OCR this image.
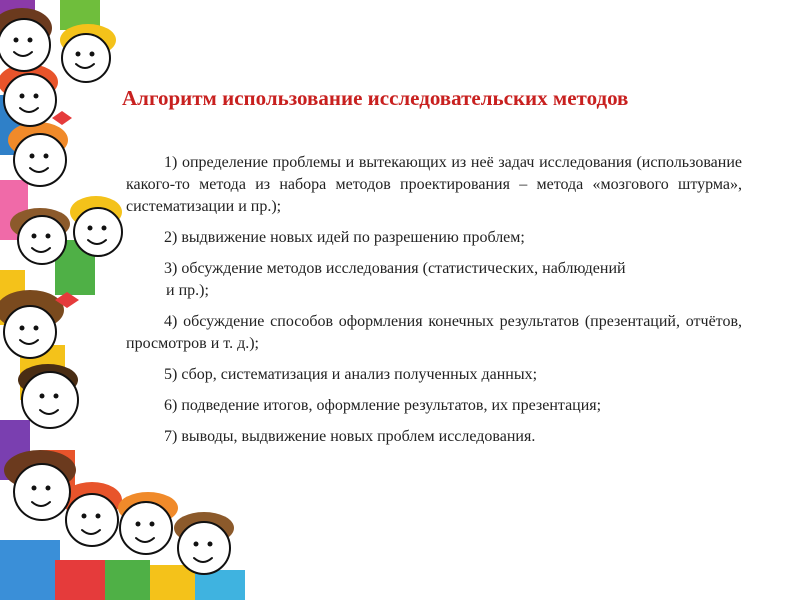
Алгоритм использование исследовательских методов

1) определение проблемы и вытекающих из неё задач исследования (использование какого-то метода из набора методов проектирования – метода «мозгового штурма», систематизации и пр.);

2) выдвижение новых идей по разрешению проблем;

3) обсуждение методов исследования (статистических, наблюдений
и пр.);

4) обсуждение способов оформления конечных результатов (презентаций, отчётов, просмотров и т. д.);

5) сбор, систематизация и анализ полученных данных;

6) подведение итогов, оформление результатов, их презентация;

7) выводы, выдвижение новых проблем исследования.
